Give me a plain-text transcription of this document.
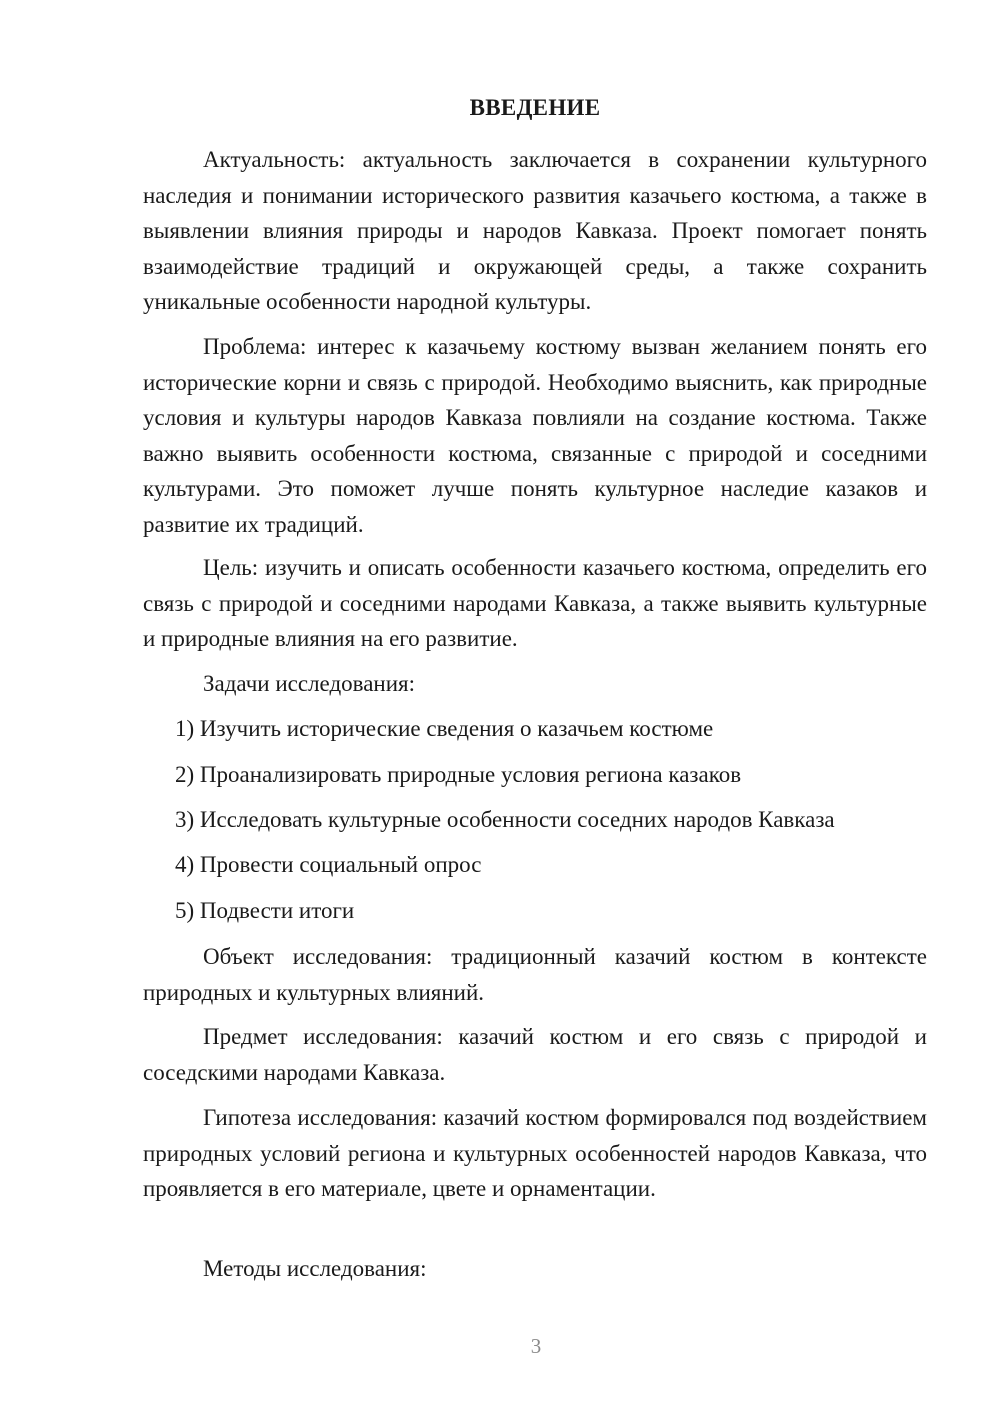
ВВЕДЕНИЕ

Актуальность: актуальность заключается в сохранении культурного наследия и понимании исторического развития казачьего костюма, а также в выявлении влияния природы и народов Кавказа. Проект помогает понять взаимодействие традиций и окружающей среды, а также сохранить уникальные особенности народной культуры.

Проблема: интерес к казачьему костюму вызван желанием понять его исторические корни и связь с природой. Необходимо выяснить, как природные условия и культуры народов Кавказа повлияли на создание костюма. Также важно выявить особенности костюма, связанные с природой и соседними культурами. Это поможет лучше понять культурное наследие казаков и развитие их традиций.

Цель: изучить и описать особенности казачьего костюма, определить его связь с природой и соседними народами Кавказа, а также выявить культурные и природные влияния на его развитие.

Задачи исследования:

1) Изучить исторические сведения о казачьем костюме

2) Проанализировать природные условия региона казаков

3) Исследовать культурные особенности соседних народов Кавказа

4) Провести социальный опрос

5) Подвести итоги

Объект исследования: традиционный казачий костюм в контексте природных и культурных влияний.

Предмет исследования: казачий костюм и его связь с природой и соседскими народами Кавказа.

Гипотеза исследования: казачий костюм формировался под воздействием природных условий региона и культурных особенностей народов Кавказа, что проявляется в его материале, цвете и орнаментации.

Методы исследования:

3
